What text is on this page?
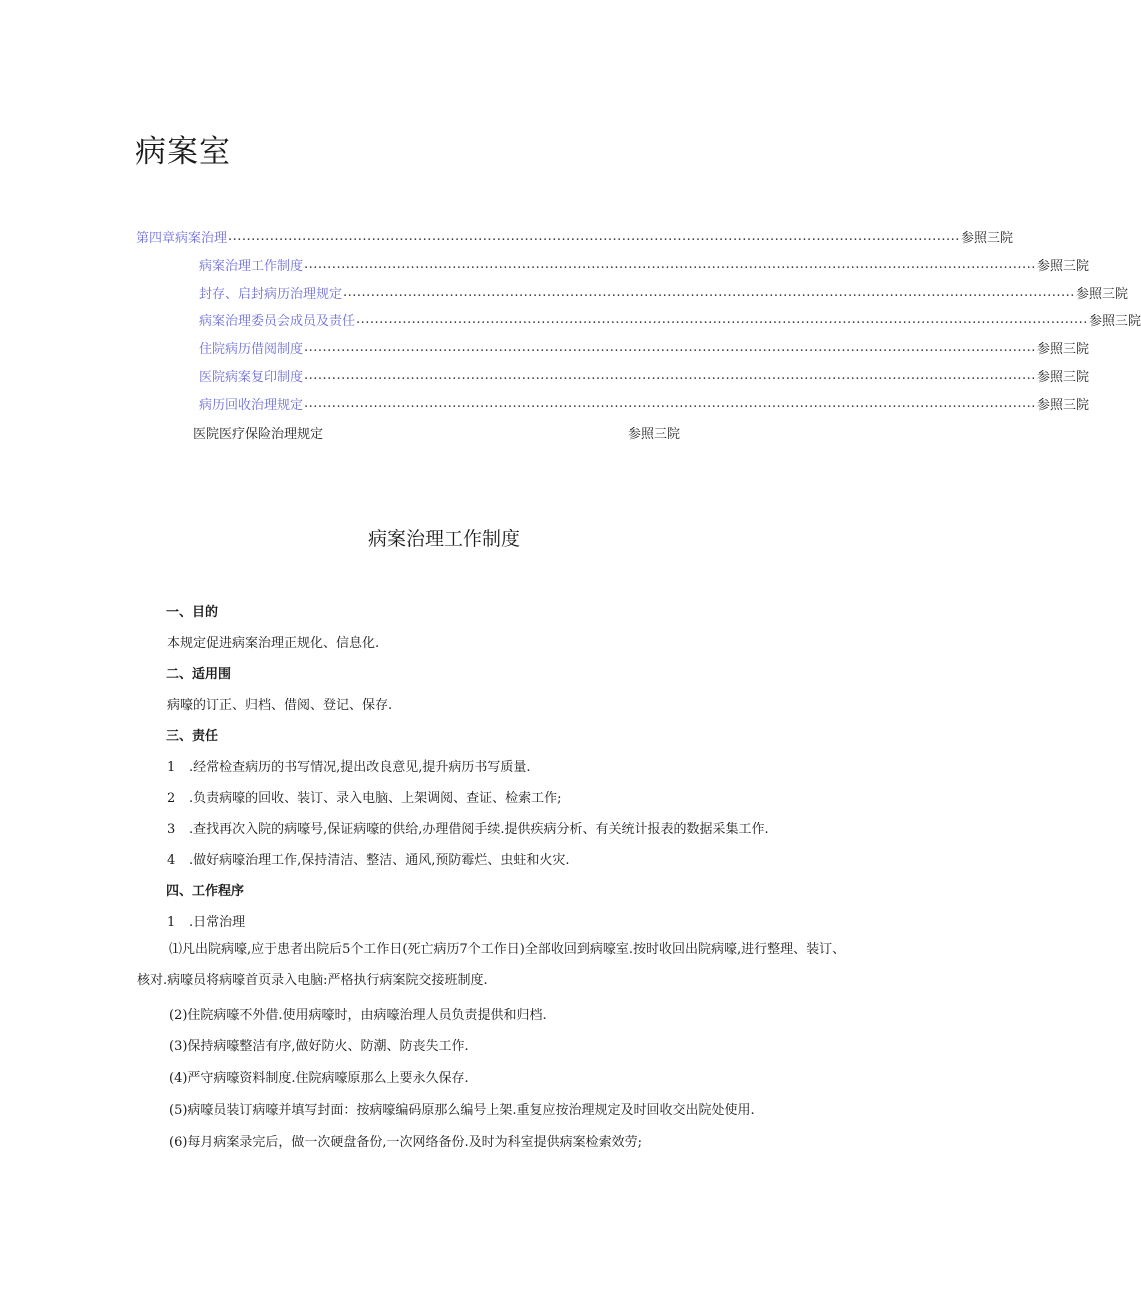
病案室
第四章病案治理 .............................................................................................................................................................. 参照三院
病案治理工作制度 .............................................................................................................................................................. 参照三院
封存、启封病历治理规定 .............................................................................................................................................................. 参照三院
病案治理委员会成员及责任 .............................................................................................................................................................. 参照三院
住院病历借阅制度 .............................................................................................................................................................. 参照三院
医院病案复印制度 .............................................................................................................................................................. 参照三院
病历回收治理规定 .............................................................................................................................................................. 参照三院
医院医疗保险治理规定	参照三院
病案治理工作制度
一、目的
本规定促进病案治理正规化、信息化.
二、适用围
病嚎的订正、归档、借阅、登记、保存.
三、责任
1 .经常检查病历的书写情况,提出改良意见,提升病历书写质量.
2 .负责病嚎的回收、装订、录入电脑、上架调阅、查证、检索工作;
3 .查找再次入院的病嚎号,保证病嚎的供给,办理借阅手续.提供疾病分析、有关统计报表的数据采集工作.
4 .做好病嚎治理工作,保持清洁、整洁、通风,预防霉烂、虫蛀和火灾.
四、工作程序
1 .日常治理
⑴凡出院病嚎,应于患者出院后5个工作日(死亡病历7个工作日)全部收回到病嚎室.按时收回出院病嚎,进行整理、装订、核对.病嚎员将病嚎首页录入电脑:严格执行病案院交接班制度.
(2)住院病嚎不外借.使用病嚎时，由病嚎治理人员负责提供和归档.
(3)保持病嚎整洁有序,做好防火、防潮、防丧失工作.
(4)严守病嚎资料制度.住院病嚎原那么上要永久保存.
(5)病嚎员装订病嚎并填写封面：按病嚎编码原那么编号上架.重复应按治理规定及时回收交出院处使用.
(6)每月病案录完后，做一次硬盘备份,一次网络备份.及时为科室提供病案检索效劳;
